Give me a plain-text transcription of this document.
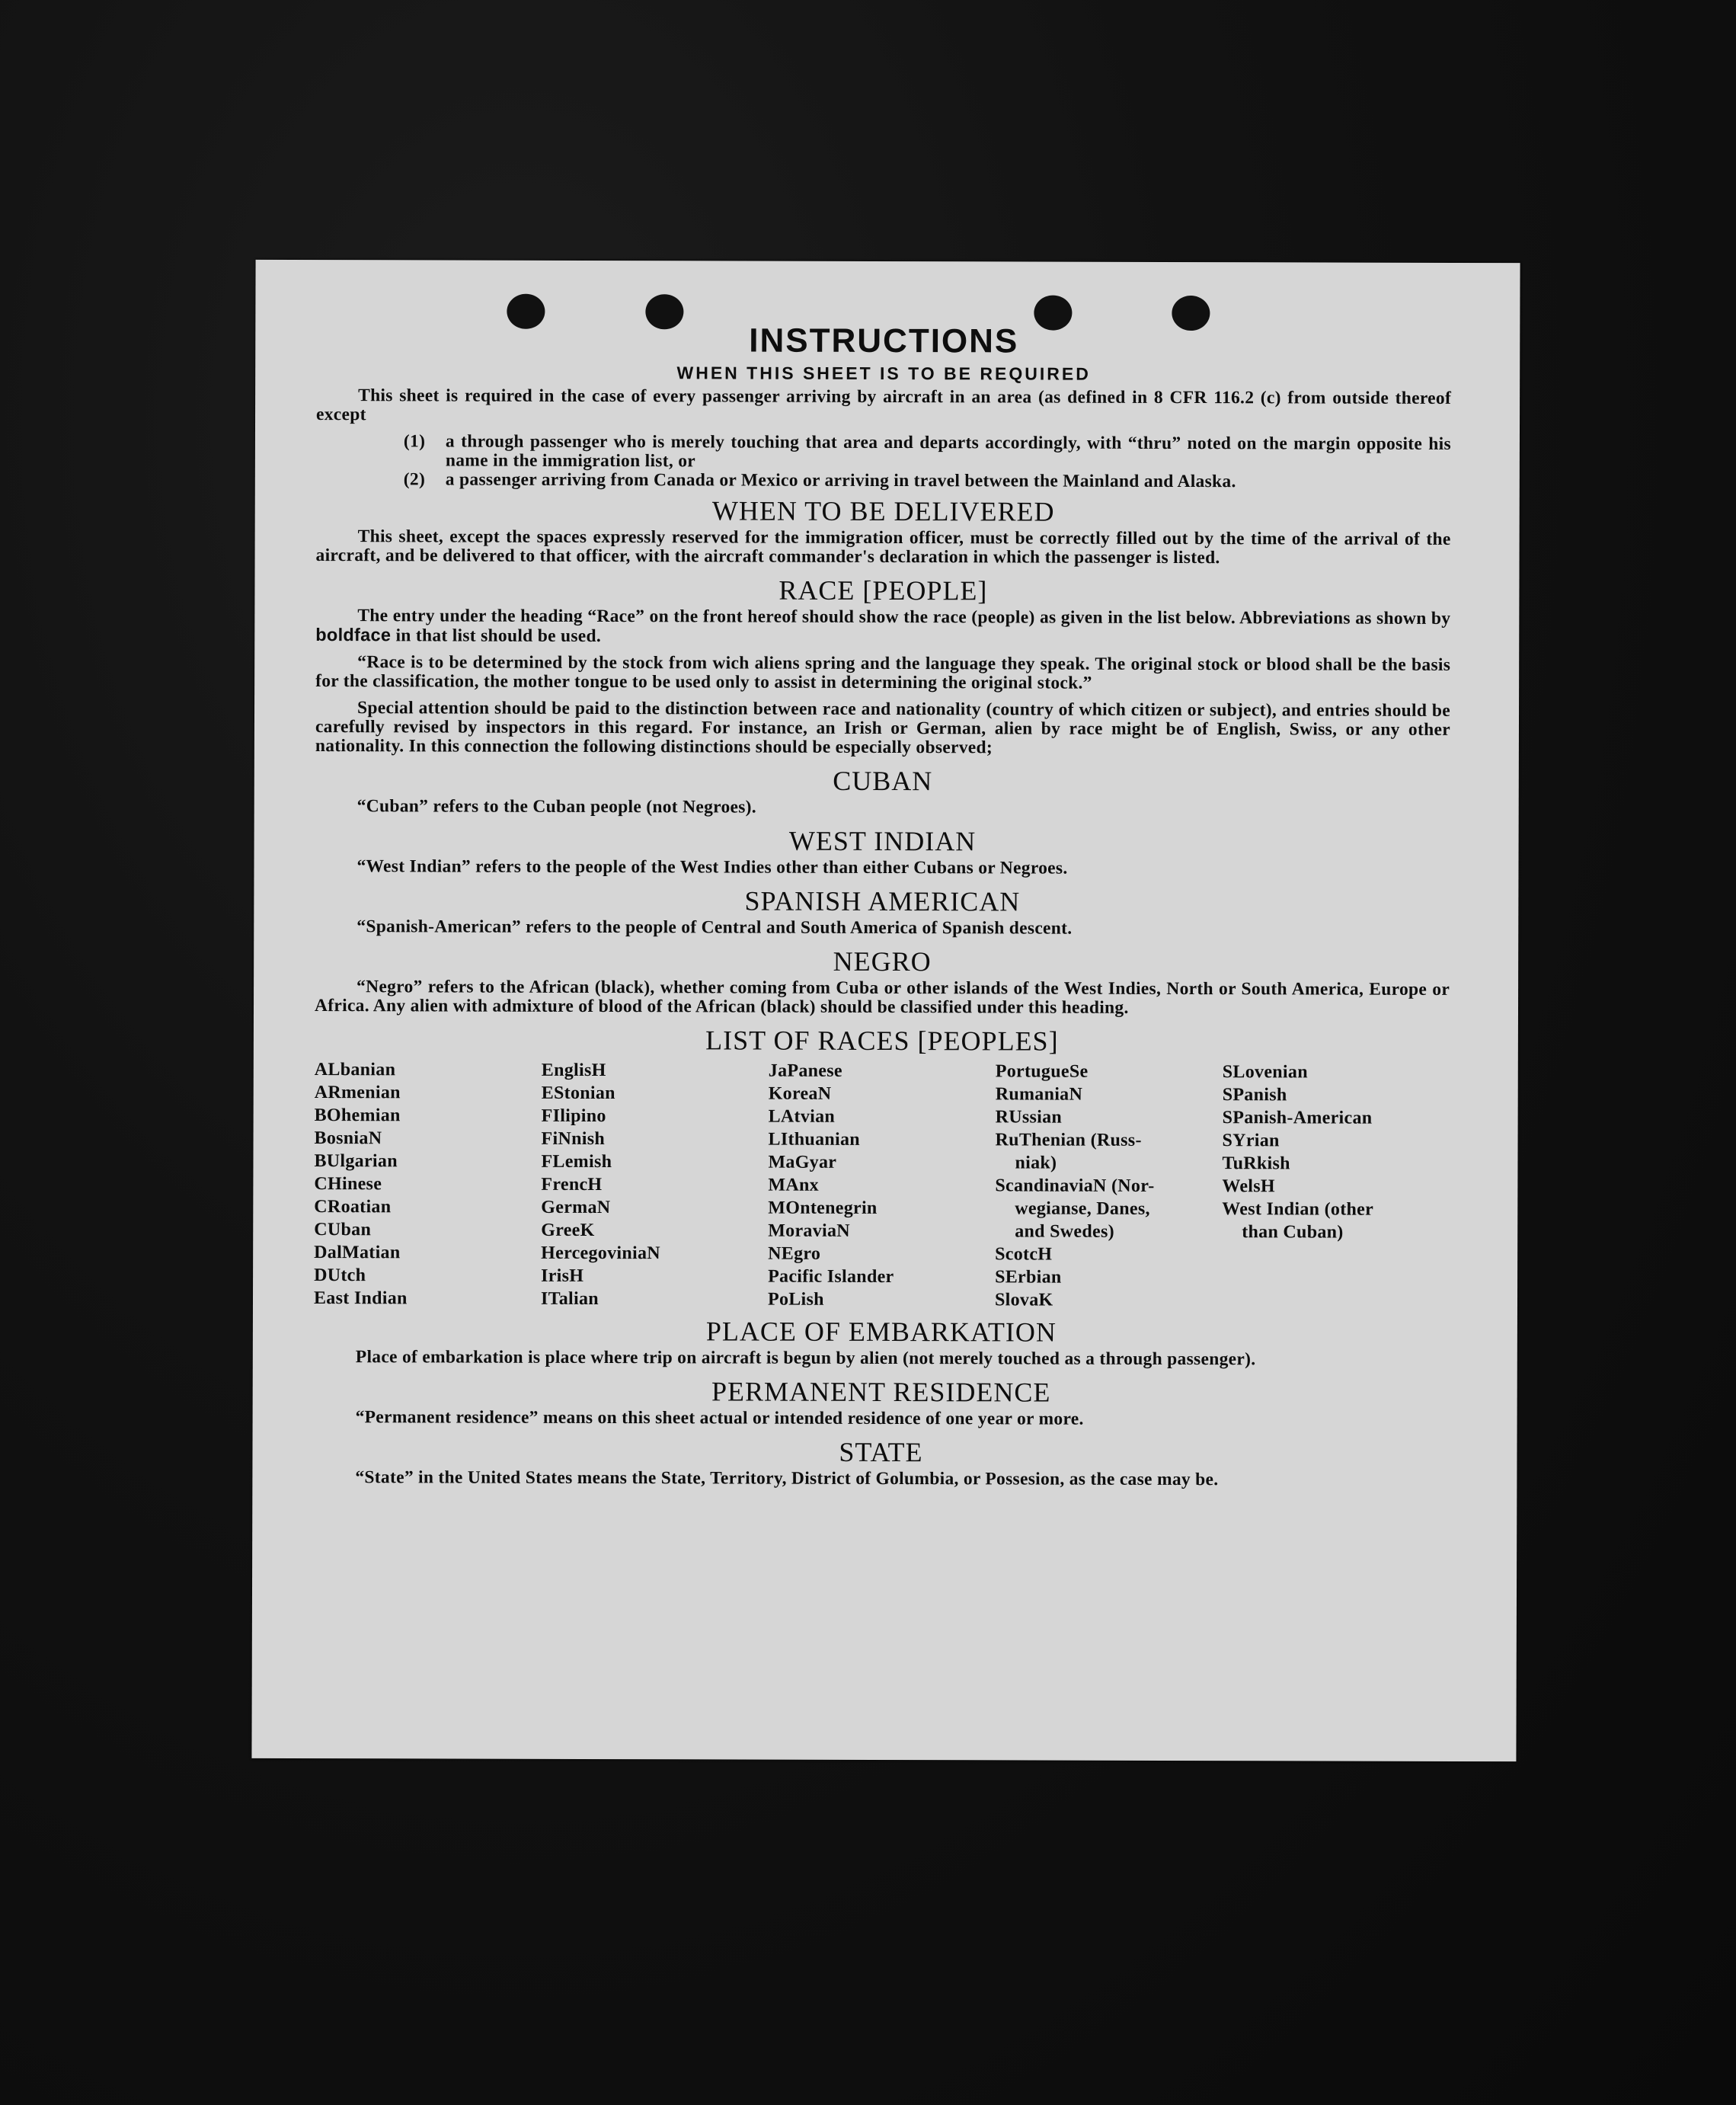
INSTRUCTIONS
WHEN THIS SHEET IS TO BE REQUIRED

This sheet is required in the case of every passenger arriving by aircraft in an area (as defined in 8 CFR 116.2 (c) from outside thereof except

(1)	a through passenger who is merely touching that area and departs accordingly, with “thru” noted on the margin opposite his name in the immigration list, or
(2)	a passenger arriving from Canada or Mexico or arriving in travel between the Mainland and Alaska.
WHEN TO BE DELIVERED

This sheet, except the spaces expressly reserved for the immigration officer, must be correctly filled out by the time of the arrival of the aircraft, and be delivered to that officer, with the aircraft commander's declaration in which the passenger is listed.

RACE [PEOPLE]

The entry under the heading “Race” on the front hereof should show the race (people) as given in the list below. Abbreviations as shown by boldface in that list should be used.

“Race is to be determined by the stock from wich aliens spring and the language they speak. The original stock or blood shall be the basis for the classification, the mother tongue to be used only to assist in determining the original stock.”

Special attention should be paid to the distinction between race and nationality (country of which citizen or subject), and entries should be carefully revised by inspectors in this regard. For instance, an Irish or German, alien by race might be of English, Swiss, or any other nationality. In this connection the following distinctions should be especially observed;

CUBAN

“Cuban” refers to the Cuban people (not Negroes).

WEST INDIAN

“West Indian” refers to the people of the West Indies other than either Cubans or Negroes.

SPANISH AMERICAN

“Spanish-American” refers to the people of Central and South America of Spanish descent.

NEGRO

“Negro” refers to the African (black), whether coming from Cuba or other islands of the West Indies, North or South America, Europe or Africa. Any alien with admixture of blood of the African (black) should be classified under this heading.

LIST OF RACES [PEOPLES]
ALbanian
ARmenian
BOhemian
BosniaN
BUlgarian
CHinese
CRoatian
CUban
DalMatian
DUtch
East Indian
EnglisH
EStonian
FIlipino
FiNnish
FLemish
FrencH
GermaN
GreeK
HercegoviniaN
IrisH
ITalian
JaPanese
KoreaN
LAtvian
LIthuanian
MaGyar
MAnx
MOntenegrin
MoraviaN
NEgro
Pacific Islander
PoLish
PortugueSe
RumaniaN
RUssian
RuThenian (Russ-
niak)
ScandinaviaN (Nor-
wegianse, Danes,
and Swedes)
ScotcH
SErbian
SlovaK
SLovenian
SPanish
SPanish-American
SYrian
TuRkish
WelsH
West Indian (other
than Cuban)
PLACE OF EMBARKATION

Place of embarkation is place where trip on aircraft is begun by alien (not merely touched as a through passenger).

PERMANENT RESIDENCE

“Permanent residence” means on this sheet actual or intended residence of one year or more.

STATE

“State” in the United States means the State, Territory, District of Golumbia, or Possesion, as the case may be.
